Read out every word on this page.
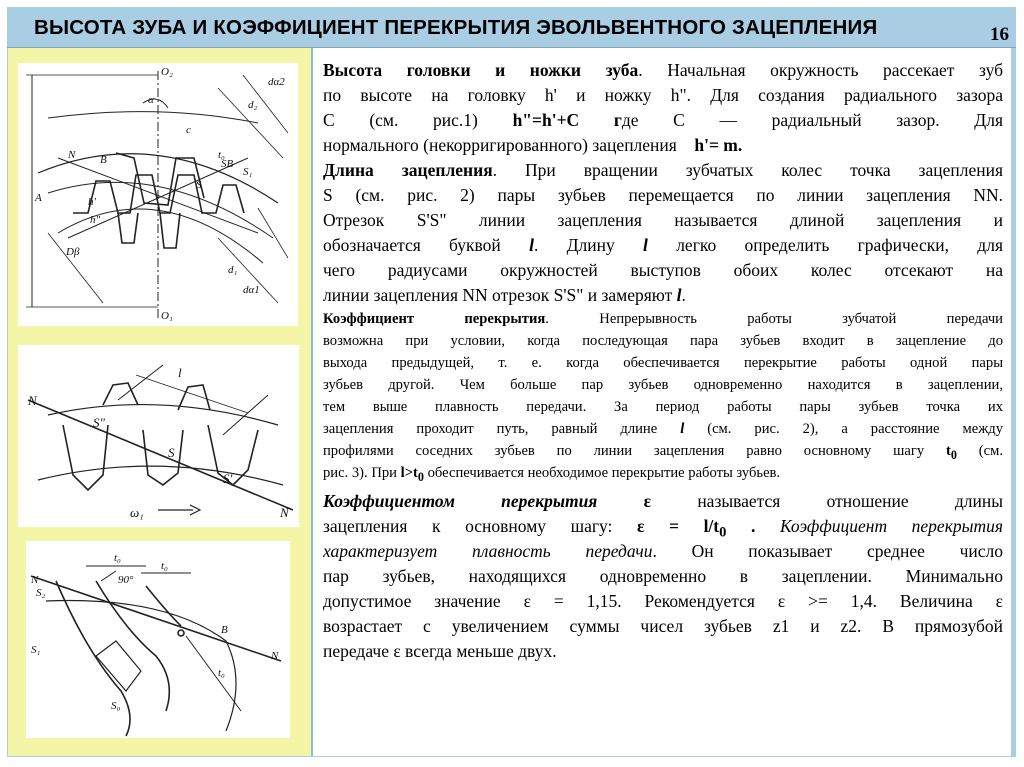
ВЫСОТА ЗУБА И КОЭФФИЦИЕНТ ПЕРЕКРЫТИЯ ЭВОЛЬВЕНТНОГО ЗАЦЕПЛЕНИЯ	16
O₂
α
dα2
d₂
N B	t₀
c
S
S₁
SB
h'
h"
A
Dβ
d₁
dα1
O₁
l
N
S"
S
S'
N
ω₁
t₀
t₀
90°
N
S₂
S₁
B
N
S₀
t₀
Высота головки и ножки зуба. Начальная окружность рассекает зуб
по высоте на головку h' и ножку h". Для создания радиального зазора
С (см. рис.1) h"=h'+C где С — радиальный зазор. Для
нормального (некорригированного) зацепления h'= m.
Длина зацепления. При вращении зубчатых колес точка зацепления
S (см. рис. 2) пары зубьев перемещается по линии зацепления NN.
Отрезок S'S" линии зацепления называется длиной зацепления и
обозначается буквой l. Длину l легко определить графически, для
чего радиусами окружностей выступов обоих колес отсекают на
линии зацепления NN отрезок S'S" и замеряют l.
Коэффициент перекрытия. Непрерывность работы зубчатой передачи
возможна при условии, когда последующая пара зубьев входит в зацепление до
выхода предыдущей, т. е. когда обеспечивается перекрытие работы одной пары
зубьев другой. Чем больше пар зубьев одновременно находится в зацеплении,
тем выше плавность передачи. За период работы пары зубьев точка их
зацепления проходит путь, равный длине l (см. рис. 2), а расстояние между
профилями соседних зубьев по линии зацепления равно основному шагу $t_0$ (см.
рис. 3). При $l>t_0$ обеспечивается необходимое перекрытие работы зубьев.
Коэффициентом перекрытия	ε	называется отношение длины
зацепления к основному шагу: $\varepsilon = l/t_0$ . Коэффициент перекрытия
характеризует плавность передачи. Он показывает среднее число
пар зубьев, находящихся одновременно в зацеплении. Минимально
допустимое значение ε = 1,15. Рекомендуется ε >= 1,4. Величина ε
возрастает с увеличением суммы чисел зубьев z1 и z2. В прямозубой
передаче ε всегда меньше двух.
